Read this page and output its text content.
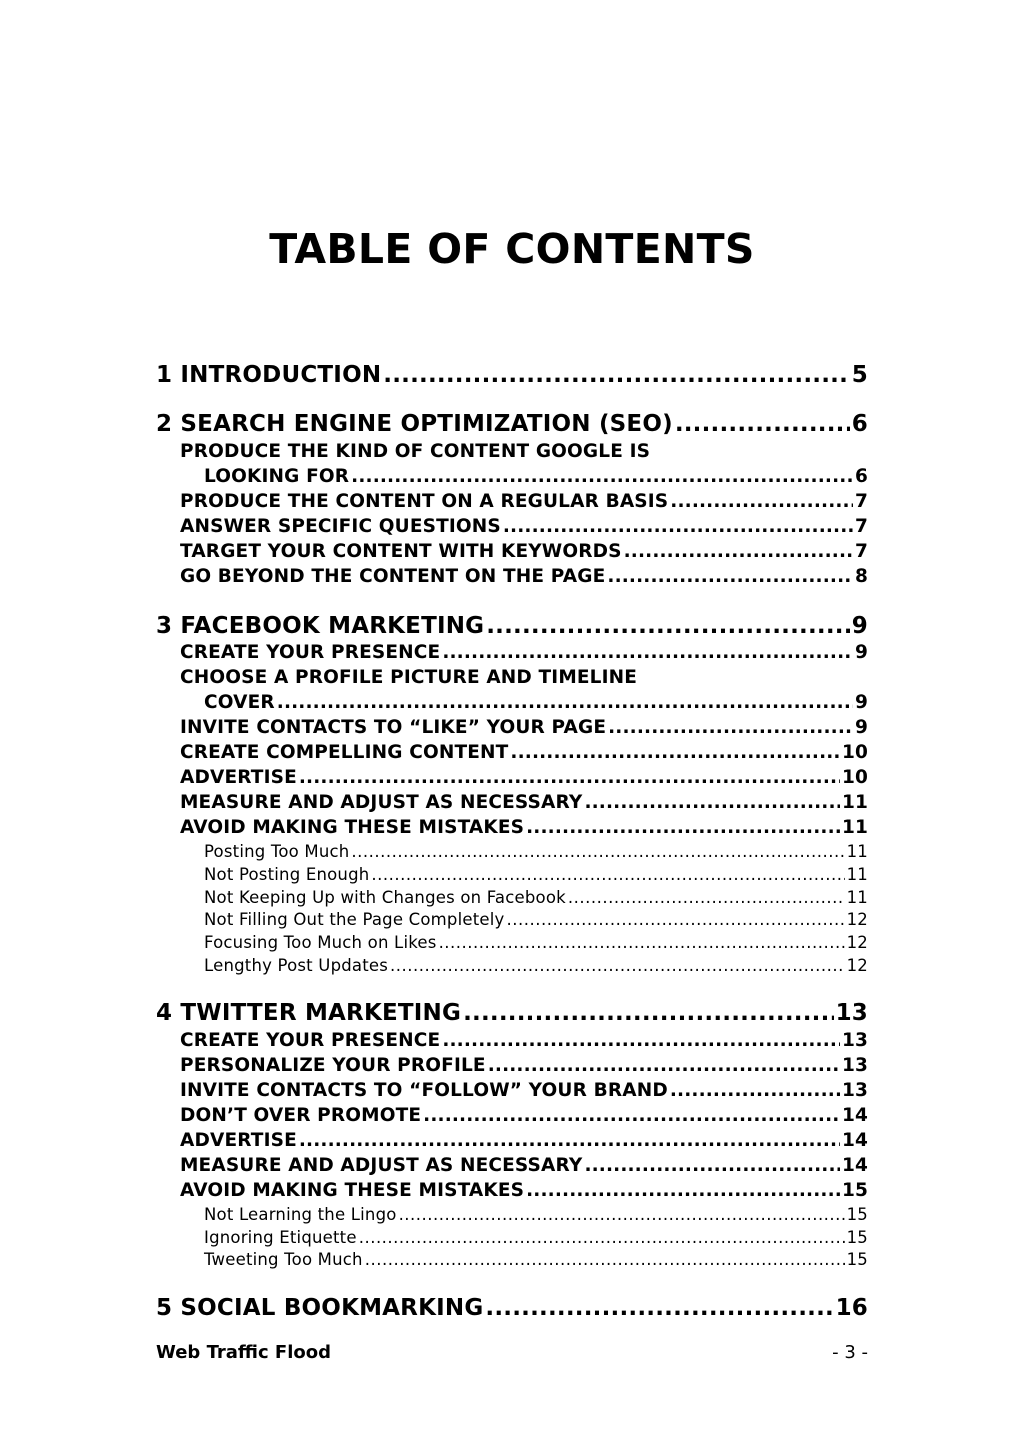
TABLE OF CONTENTS
1 INTRODUCTION .....	5
2 SEARCH ENGINE OPTIMIZATION (SEO) .....	6
PRODUCE THE KIND OF CONTENT GOOGLE IS
LOOKING FOR .....	6
PRODUCE THE CONTENT ON A REGULAR BASIS .....	7
ANSWER SPECIFIC QUESTIONS .....	7
TARGET YOUR CONTENT WITH KEYWORDS .....	7
GO BEYOND THE CONTENT ON THE PAGE .....	8
3 FACEBOOK MARKETING .....	9
CREATE YOUR PRESENCE .....	9
CHOOSE A PROFILE PICTURE AND TIMELINE
COVER .....	9
INVITE CONTACTS TO “LIKE” YOUR PAGE .....	9
CREATE COMPELLING CONTENT .....	10
ADVERTISE .....	10
MEASURE AND ADJUST AS NECESSARY .....	11
AVOID MAKING THESE MISTAKES .....	11
Posting Too Much .....	11
Not Posting Enough .....	11
Not Keeping Up with Changes on Facebook .....	11
Not Filling Out the Page Completely .....	12
Focusing Too Much on Likes .....	12
Lengthy Post Updates .....	12
4 TWITTER MARKETING .....	13
CREATE YOUR PRESENCE .....	13
PERSONALIZE YOUR PROFILE .....	13
INVITE CONTACTS TO “FOLLOW” YOUR BRAND .....	13
DON’T OVER PROMOTE .....	14
ADVERTISE .....	14
MEASURE AND ADJUST AS NECESSARY .....	14
AVOID MAKING THESE MISTAKES .....	15
Not Learning the Lingo .....	15
Ignoring Etiquette .....	15
Tweeting Too Much .....	15
5 SOCIAL BOOKMARKING .....	16
Web Traffic Flood	- 3 -
